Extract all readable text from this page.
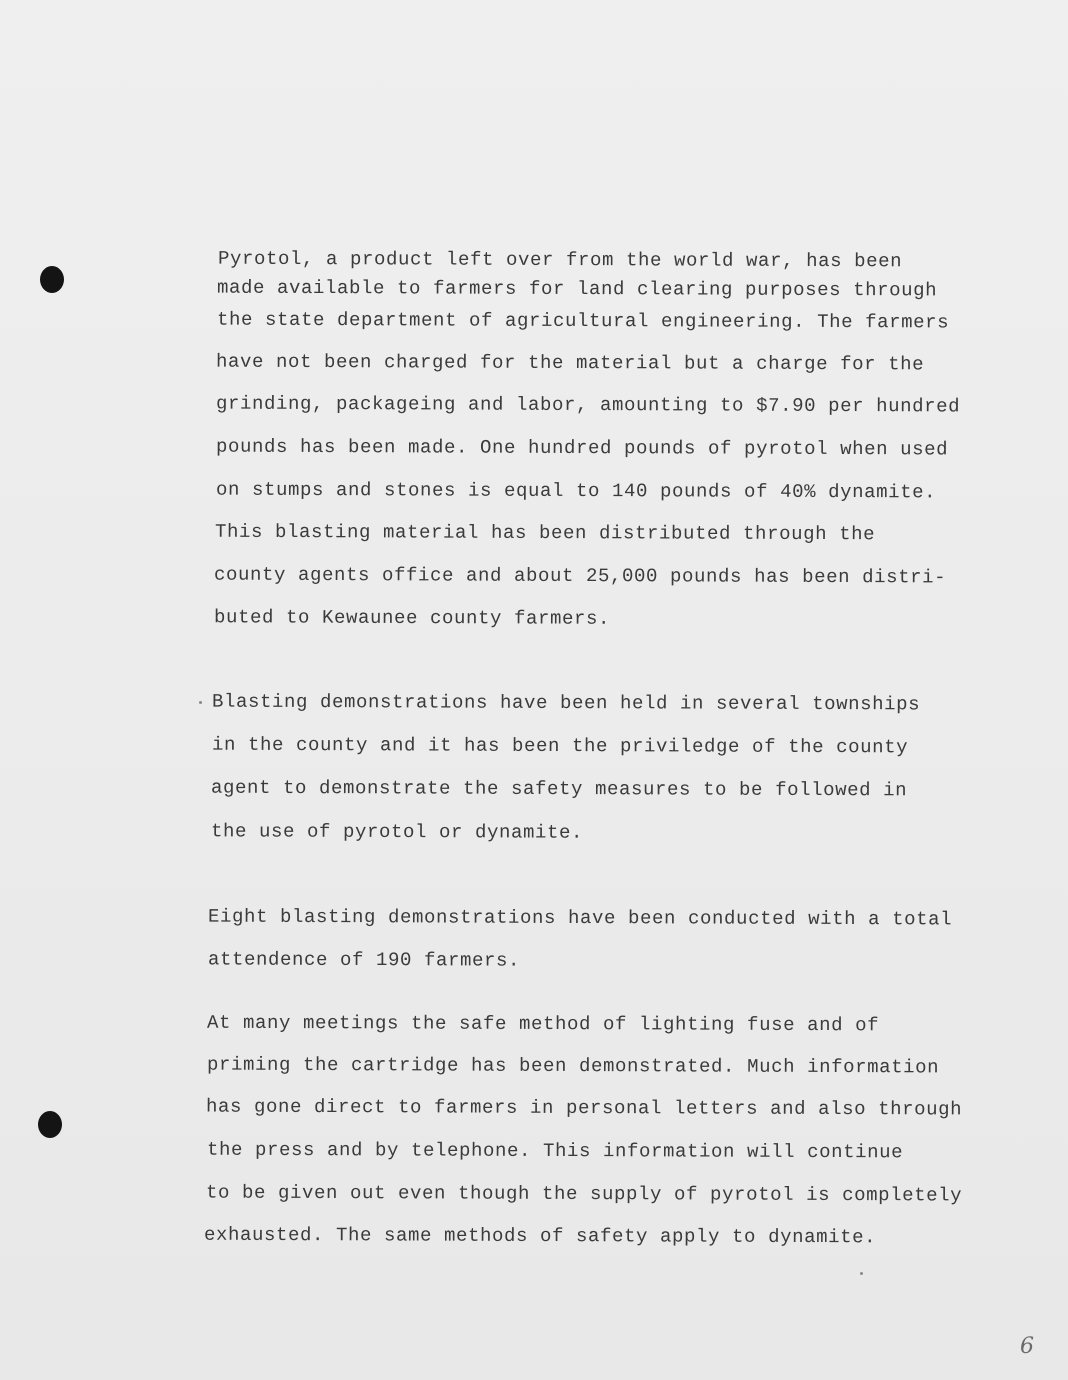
Pyrotol, a product left over from the world war, has been
made available to farmers for land clearing purposes through
the state department of agricultural engineering. The farmers
have not been charged for the material but a charge for the
grinding, packageing and labor, amounting to $7.90 per hundred
pounds has been made. One hundred pounds of pyrotol when used
on stumps and stones is equal to 140 pounds of 40% dynamite.
This blasting material has been distributed through the
county agents office and about 25,000 pounds has been distri-
buted to Kewaunee county farmers.
Blasting demonstrations have been held in several townships
in the county and it has been the priviledge of the county
agent to demonstrate the safety measures to be followed in
the use of pyrotol or dynamite.
Eight blasting demonstrations have been conducted with a total
attendence of 190 farmers.
At many meetings the safe method of lighting fuse and of
priming the cartridge has been demonstrated. Much information
has gone direct to farmers in personal letters and also through
the press and by telephone. This information will continue
to be given out even though the supply of pyrotol is completely
exhausted. The same methods of safety apply to dynamite.
6
